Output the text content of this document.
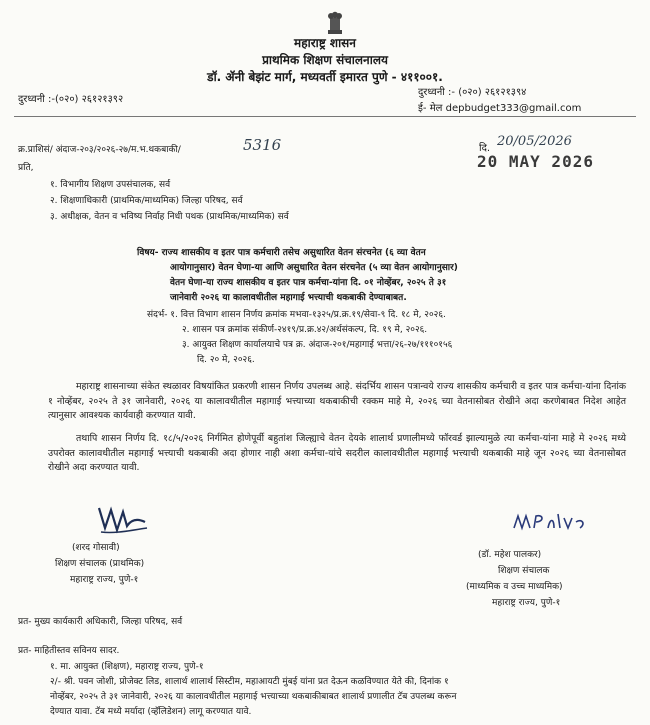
महाराष्ट्र शासन
प्राथमिक शिक्षण संचालनालय
डॉ. ॲनी बेझंट मार्ग, मध्यवर्ती इमारत पुणे - ४११००१.
दुरध्वनी :-(०२०) २६१२१३९२
दुरध्वनी :- (०२०) २६१२१३९४
ई- मेल depbudget333@gmail.com
क्र.प्राशिसं/ अंदाज-२०३/२०२६-२७/म.भ.थकबाकी/	5316	दि. 20/05/2026
20 MAY 2026
प्रति,
१. विभागीय शिक्षण उपसंचालक, सर्व
२. शिक्षणाधिकारी (प्राथमिक/माध्यमिक) जिल्हा परिषद, सर्व
३. अधीक्षक, वेतन व भविष्य निर्वाह निधी पथक (प्राथमिक/माध्यमिक) सर्व
विषय- राज्य शासकीय व इतर पात्र कर्मचारी तसेच असुधारित वेतन संरचनेत (६ व्या वेतन
आयोगानुसार) वेतन घेणा-या आणि असुधारित वेतन संरचनेत (५ व्या वेतन आयोगानुसार)
वेतन घेणा-या राज्य शासकीय व इतर पात्र कर्मचा-यांना दि. ०१ नोव्हेंबर, २०२५ ते ३१
जानेवारी २०२६ या कालावधीतील महागाई भत्त्याची थकबाकी देण्याबाबत.
संदर्भ- १. वित्त विभाग शासन निर्णय क्रमांक मभवा-१३२५/प्र.क्र.१९/सेवा-९ दि. १८ मे, २०२६.
२. शासन पत्र क्रमांक संकीर्ण-२४१९/प्र.क्र.४२/अर्थसंकल्प, दि. १९ मे, २०२६.
३. आयुक्त शिक्षण कार्यालयाचे पत्र क्र. अंदाज-२०१/महागाई भत्ता/२६-२७/१११०१५६
दि. २० मे, २०२६.
महाराष्ट्र शासनाच्या संकेत स्थळावर विषयांकित प्रकरणी शासन निर्णय उपलब्ध आहे. संदर्भिय शासन पत्रान्वये राज्य शासकीय कर्मचारी व इतर पात्र कर्मचा-यांना दिनांक १ नोव्हेंबर, २०२५ ते ३१ जानेवारी, २०२६ या कालावधीतील महागाई भत्त्याच्या थकबाकीची रक्कम माहे मे, २०२६ च्या वेतनासोबत रोखीने अदा करणेबाबत निदेश आहेत त्यानुसार आवश्यक कार्यवाही करण्यात यावी.
तथापि शासन निर्णय दि. १८/५/२०२६ निर्गमित होणेपूर्वी बहुतांश जिल्ह्याचे वेतन देयके शालार्थ प्रणालीमध्ये फॉरवर्ड झाल्यामुळे त्या कर्मचा-यांना माहे मे २०२६ मध्ये उपरोक्त कालावधीतील महागाई भत्त्याची थकबाकी अदा होणार नाही अशा कर्मचा-यांचे सदरील कालावधीतील महागाई भत्त्याची थकबाकी माहे जून २०२६ च्या वेतनासोबत रोखीने अदा करण्यात यावी.
(शरद गोसावी)
शिक्षण संचालक (प्राथमिक)
महाराष्ट्र राज्य, पुणे-१
(डॉ. महेश पालकर)
शिक्षण संचालक
(माध्यमिक व उच्च माध्यमिक)
महाराष्ट्र राज्य, पुणे-१
प्रत- मुख्य कार्यकारी अधिकारी, जिल्हा परिषद, सर्व
प्रत- माहितीस्तव सविनय सादर.
१. मा. आयुक्त (शिक्षण), महाराष्ट्र राज्य, पुणे-१
२/- श्री. पवन जोशी, प्रोजेक्ट लिड, शालार्थ शालार्थ सिस्टीम, महाआयटी मुंबई यांना प्रत देऊन कळविण्यात येते की, दिनांक १
नोव्हेंबर, २०२५ ते ३१ जानेवारी, २०२६ या कालावधीतील महागाई भत्त्याच्या थकबाकीबाबत शालार्थ प्रणालीत टॅब उपलब्ध करून
देण्यात यावा. टॅब मध्ये मर्यादा (व्हॅलिडेशन) लागू करण्यात यावे.
